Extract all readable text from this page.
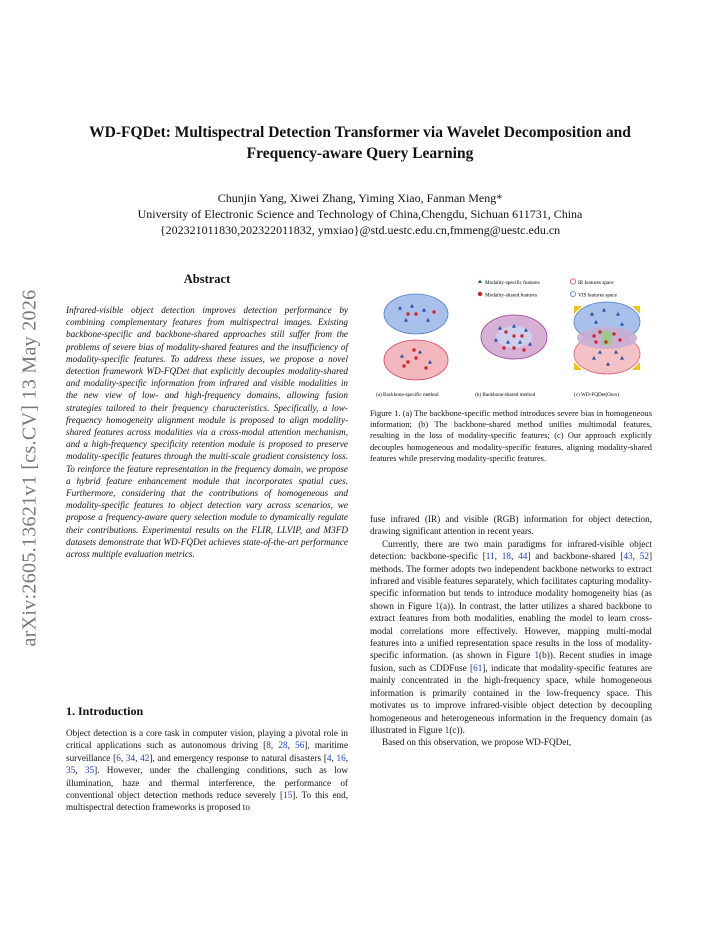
WD-FQDet: Multispectral Detection Transformer via Wavelet Decomposition and Frequency-aware Query Learning
Chunjin Yang, Xiwei Zhang, Yiming Xiao, Fanman Meng*
University of Electronic Science and Technology of China,Chengdu, Sichuan 611731, China
{202321011830,202322011832, ymxiao}@std.uestc.edu.cn,fmmeng@uestc.edu.cn
arXiv:2605.13621v1 [cs.CV] 13 May 2026
Abstract
Infrared-visible object detection improves detection performance by combining complementary features from multispectral images. Existing backbone-specific and backbone-shared approaches still suffer from the problems of severe bias of modality-shared features and the insufficiency of modality-specific features. To address these issues, we propose a novel detection framework WD-FQDet that explicitly decouples modality-shared and modality-specific information from infrared and visible modalities in the new view of low- and high-frequency domains, allowing fusion strategies tailored to their frequency characteristics. Specifically, a low-frequency homogeneity alignment module is proposed to align modality-shared features across modalities via a cross-modal attention mechanism, and a high-frequency specificity retention module is proposed to preserve modality-specific features through the multi-scale gradient consistency loss. To reinforce the feature representation in the frequency domain, we propose a hybrid feature enhancement module that incorporates spatial cues. Furthermore, considering that the contributions of homogeneous and modality-specific features to object detection vary across scenarios, we propose a frequency-aware query selection module to dynamically regulate their contributions. Experimental results on the FLIR, LLVIP, and M3FD datasets demonstrate that WD-FQDet achieves state-of-the-art performance across multiple evaluation metrics.
1. Introduction
Object detection is a core task in computer vision, playing a pivotal role in critical applications such as autonomous driving [8, 28, 56], maritime surveillance [6, 34, 42], and emergency response to natural disasters [4, 16, 35, 35]. However, under the challenging conditions, such as low illumination, haze and thermal interference, the performance of conventional object detection methods reduce severely [15]. To this end, multispectral detection frameworks is proposed to
Modality-specific features	IR features space
Modality-shared features	VIS features space
(a) Backbone-specific method	(b) Backbone-shared method	(c) WD-FQDet(Ours)
Figure 1. (a) The backbone-specific method introduces severe bias in homogeneous information; (b) The backbone-shared method unifies multimodal features, resulting in the loss of modality-specific features; (c) Our approach explicitly decouples homogeneous and modality-specific features, aligning modality-shared features while preserving modality-specific features.

fuse infrared (IR) and visible (RGB) information for object detection, drawing significant attention in recent years.

Currently, there are two main paradigms for infrared-visible object detection: backbone-specific [11, 18, 44] and backbone-shared [43, 52] methods. The former adopts two independent backbone networks to extract infrared and visible features separately, which facilitates capturing modality-specific information but tends to introduce modality homogeneity bias (as shown in Figure 1(a)). In contrast, the latter utilizes a shared backbone to extract features from both modalities, enabling the model to learn cross-modal correlations more effectively. However, mapping multi-modal features into a unified representation space results in the loss of modality-specific information. (as shown in Figure 1(b)). Recent studies in image fusion, such as CDDFuse [61], indicate that modality-specific features are mainly concentrated in the high-frequency space, while homogeneous information is primarily contained in the low-frequency space. This motivates us to improve infrared-visible object detection by decoupling homogeneous and heterogeneous information in the frequency domain (as illustrated in Figure 1(c)).

Based on this observation, we propose WD-FQDet,
